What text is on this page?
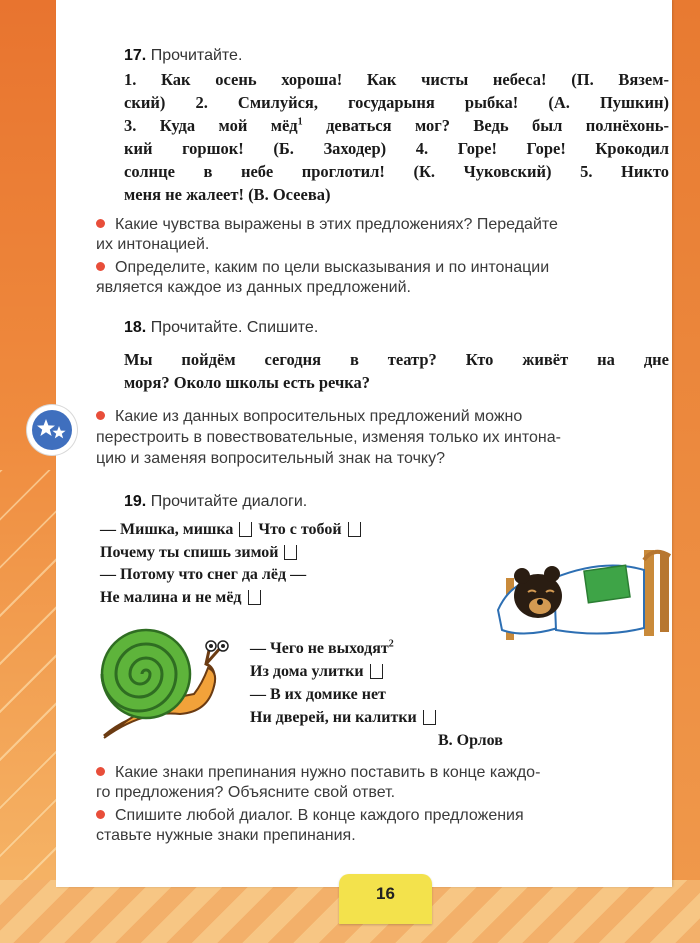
17. Прочитайте.
1. Как осень хороша! Как чисты небеса! (П. Вязем-
ский) 2. Смилуйся, государыня рыбка! (А. Пушкин)
3. Куда мой мёд$^1$ деваться мог? Ведь был полнёхонь-
кий горшок! (Б. Заходер) 4. Горе! Горе! Крокодил
солнце в небе проглотил! (К. Чуковский) 5. Никто
меня не жалеет! (В. Осеева)
Какие чувства выражены в этих предложениях? Передайте
их интонацией.
Определите, каким по цели высказывания и по интонации
является каждое из данных предложений.
18. Прочитайте. Спишите.
Мы пойдём сегодня в театр? Кто живёт на дне
моря? Около школы есть речка?
Какие из данных вопросительных предложений можно
перестроить в повествовательные, изменяя только их интона-
цию и заменяя вопросительный знак на точку?
19. Прочитайте диалоги.
— Мишка, мишка Что с тобой
Почему ты спишь зимой
— Потому что снег да лёд —
Не малина и не мёд
— Чего не выходят$^2$
Из дома улитки
— В их домике нет
Ни дверей, ни калитки
В. Орлов
Какие знаки препинания нужно поставить в конце каждо-
го предложения? Объясните свой ответ.
Спишите любой диалог. В конце каждого предложения
ставьте нужные знаки препинания.
16
